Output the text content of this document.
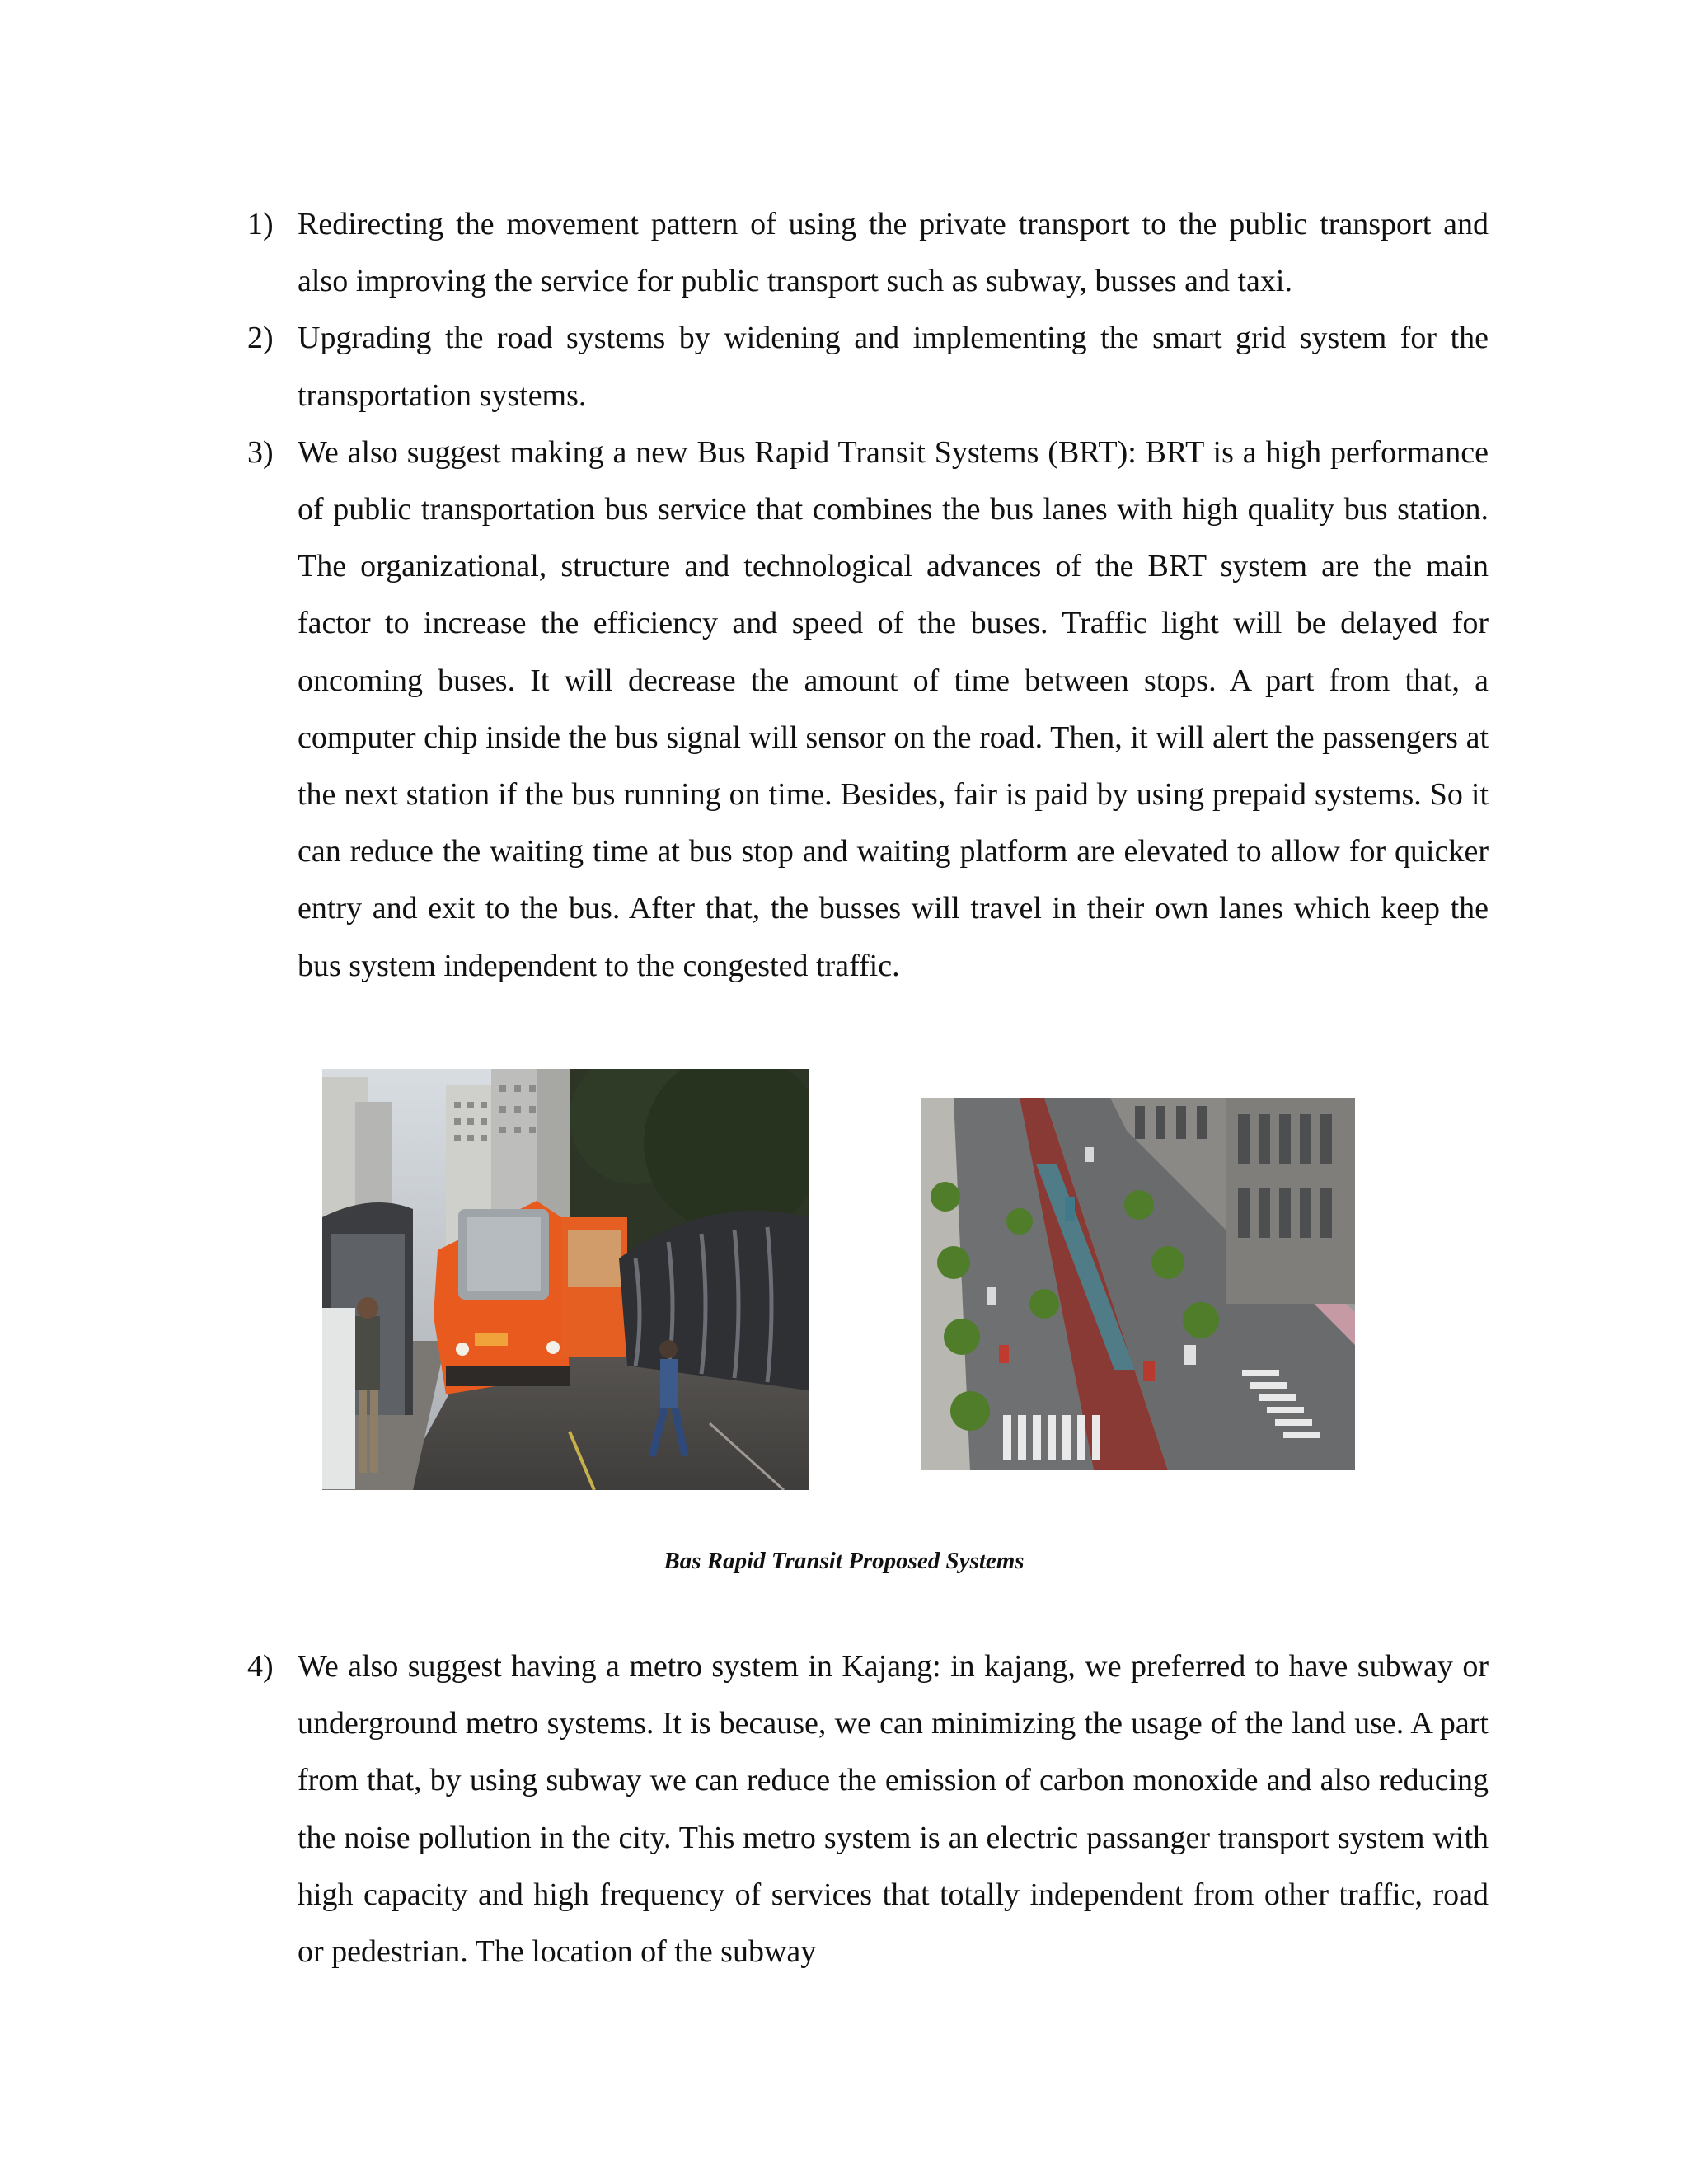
1) Redirecting the movement pattern of using the private transport to the public transport and also improving the service for public transport such as subway, busses and taxi.
2) Upgrading the road systems by widening and implementing the smart grid system for the transportation systems.
3) We also suggest making a new Bus Rapid Transit Systems (BRT): BRT is a high performance of public transportation bus service that combines the bus lanes with high quality bus station. The organizational, structure and technological advances of the BRT system are the main factor to increase the efficiency and speed of the buses. Traffic light will be delayed for oncoming buses. It will decrease the amount of time between stops. A part from that, a computer chip inside the bus signal will sensor on the road. Then, it will alert the passengers at the next station if the bus running on time. Besides, fair is paid by using prepaid systems. So it can reduce the waiting time at bus stop and waiting platform are elevated to allow for quicker entry and exit to the bus. After that, the busses will travel in their own lanes which keep the bus system independent to the congested traffic.
Bas Rapid Transit Proposed Systems
4) We also suggest having a metro system in Kajang: in kajang, we preferred to have subway or underground metro systems. It is because, we can minimizing the usage of the land use. A part from that, by using subway we can reduce the emission of carbon monoxide and also reducing the noise pollution in the city. This metro system is an electric passanger transport system with high capacity and high frequency of services that totally independent from other traffic, road or pedestrian. The location of the subway
